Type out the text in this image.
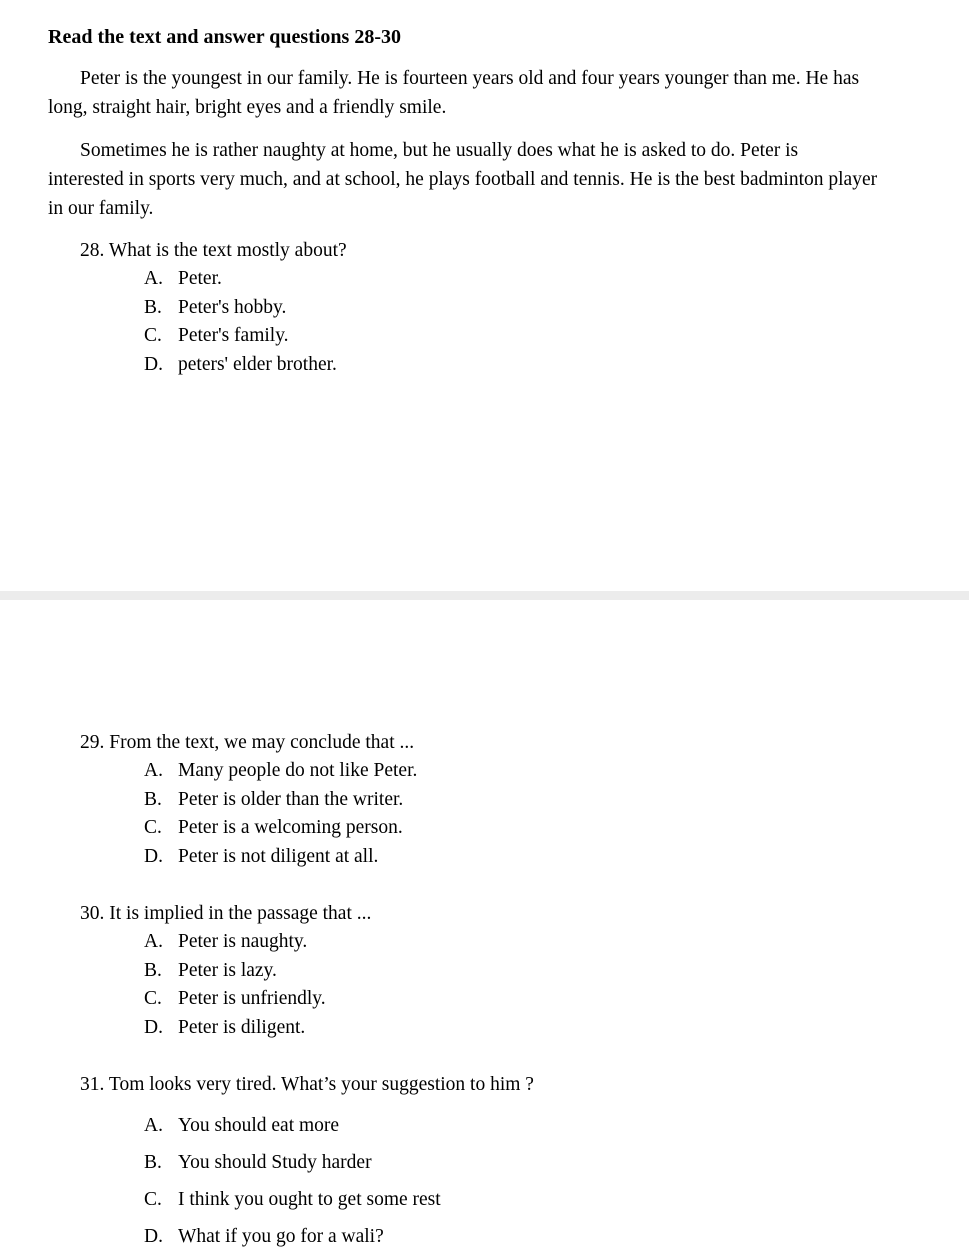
Read the text and answer questions 28-30

Peter is the youngest in our family. He is fourteen years old and four years younger than me. He has long, straight hair, bright eyes and a friendly smile.

Sometimes he is rather naughty at home, but he usually does what he is asked to do. Peter is interested in sports very much, and at school, he plays football and tennis. He is the best badminton player in our family.

28. What is the text mostly about?
A. Peter.
B. Peter's hobby.
C. Peter's family.
D. peters' elder brother.
29. From the text, we may conclude that ...
A. Many people do not like Peter.
B. Peter is older than the writer.
C. Peter is a welcoming person.
D. Peter is not diligent at all.
30. It is implied in the passage that ...
A. Peter is naughty.
B. Peter is lazy.
C. Peter is unfriendly.
D. Peter is diligent.
31. Tom looks very tired. What’s your suggestion to him ?
A. You should eat more
B. You should Study harder
C. I think you ought to get some rest
D. What if you go for a wali?
